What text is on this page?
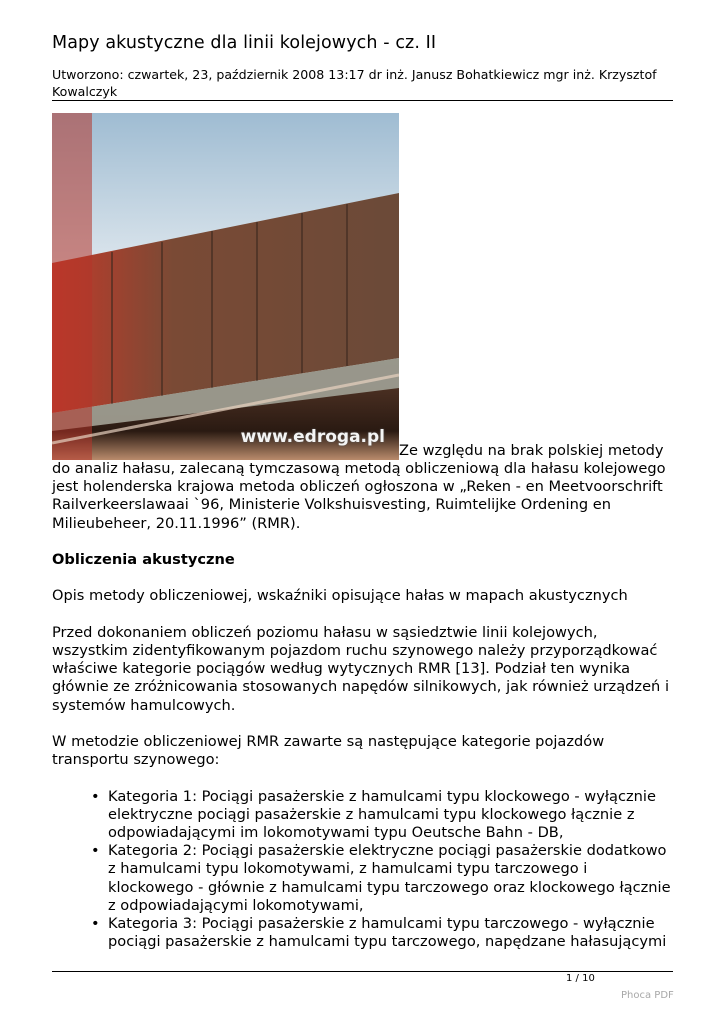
Mapy akustyczne dla linii kolejowych - cz. II
Utworzono: czwartek, 23, październik 2008 13:17 dr inż. Janusz Bohatkiewicz mgr inż. Krzysztof Kowalczyk

www.edroga.pl
Ze względu na brak polskiej metody do analiz hałasu, zalecaną tymczasową metodą obliczeniową dla hałasu kolejowego jest holenderska krajowa metoda obliczeń ogłoszona w „Reken - en Meetvoorschrift Railverkeerslawaai `96, Ministerie Volkshuisvesting, Ruimtelijke Ordening en Milieubeheer, 20.11.1996” (RMR).

Obliczenia akustyczne

Opis metody obliczeniowej, wskaźniki opisujące hałas w mapach akustycznych

Przed dokonaniem obliczeń poziomu hałasu w sąsiedztwie linii kolejowych, wszystkim zidentyfikowanym pojazdom ruchu szynowego należy przyporządkować właściwe kategorie pociągów według wytycznych RMR [13]. Podział ten wynika głównie ze zróżnicowania stosowanych napędów silnikowych, jak również urządzeń i systemów hamulcowych.

W metodzie obliczeniowej RMR zawarte są następujące kategorie pojazdów transportu szynowego:

• Kategoria 1: Pociągi pasażerskie z hamulcami typu klockowego - wyłącznie elektryczne pociągi pasażerskie z hamulcami typu klockowego łącznie z odpowiadającymi im lokomotywami typu Oeutsche Bahn - DB,
• Kategoria 2: Pociągi pasażerskie elektryczne pociągi pasażerskie dodatkowo z hamulcami typu lokomotywami, z hamulcami typu tarczowego i klockowego - głównie z hamulcami typu tarczowego oraz klockowego łącznie z odpowiadającymi lokomotywami,
• Kategoria 3: Pociągi pasażerskie z hamulcami typu tarczowego - wyłącznie pociągi pasażerskie z hamulcami typu tarczowego, napędzane hałasującymi
1 / 10
Phoca PDF
